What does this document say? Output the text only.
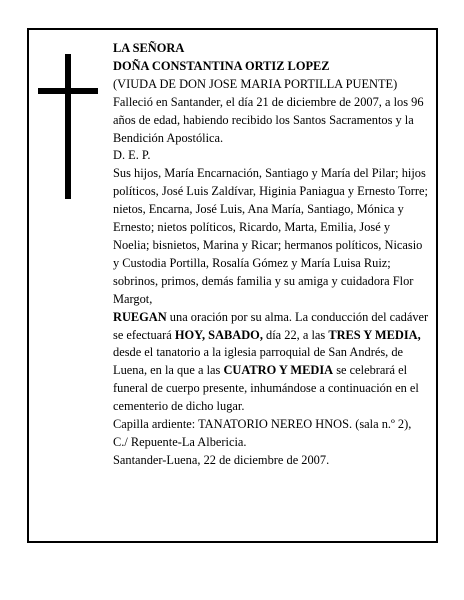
LA SEÑORA

DOÑA CONSTANTINA ORTIZ LOPEZ

(VIUDA DE DON JOSE MARIA PORTILLA PUENTE)

Falleció en Santander, el día 21 de diciembre de 2007, a los 96 años de edad, habiendo recibido los Santos Sacramentos y la Bendición Apostólica.

D. E. P.

Sus hijos, María Encarnación, Santiago y María del Pilar; hijos políticos, José Luis Zaldívar, Higinia Paniagua y Ernesto Torre; nietos, Encarna, José Luis, Ana María, Santiago, Mónica y Ernesto; nietos políticos, Ricardo, Marta, Emilia, José y Noelia; bisnietos, Marina y Ricar; hermanos políticos, Nicasio y Custodia Portilla, Rosalía Gómez y María Luisa Ruiz; sobrinos, primos, demás familia y su amiga y cuidadora Flor Margot,

RUEGAN una oración por su alma. La conducción del cadáver se efectuará HOY, SABADO, día 22, a las TRES Y MEDIA, desde el tanatorio a la iglesia parroquial de San Andrés, de Luena, en la que a las CUATRO Y MEDIA se celebrará el funeral de cuerpo presente, inhumándose a continuación en el cementerio de dicho lugar.

Capilla ardiente: TANATORIO NEREO HNOS. (sala n.º 2), C./ Repuente-La Albericia.

Santander-Luena, 22 de diciembre de 2007.
